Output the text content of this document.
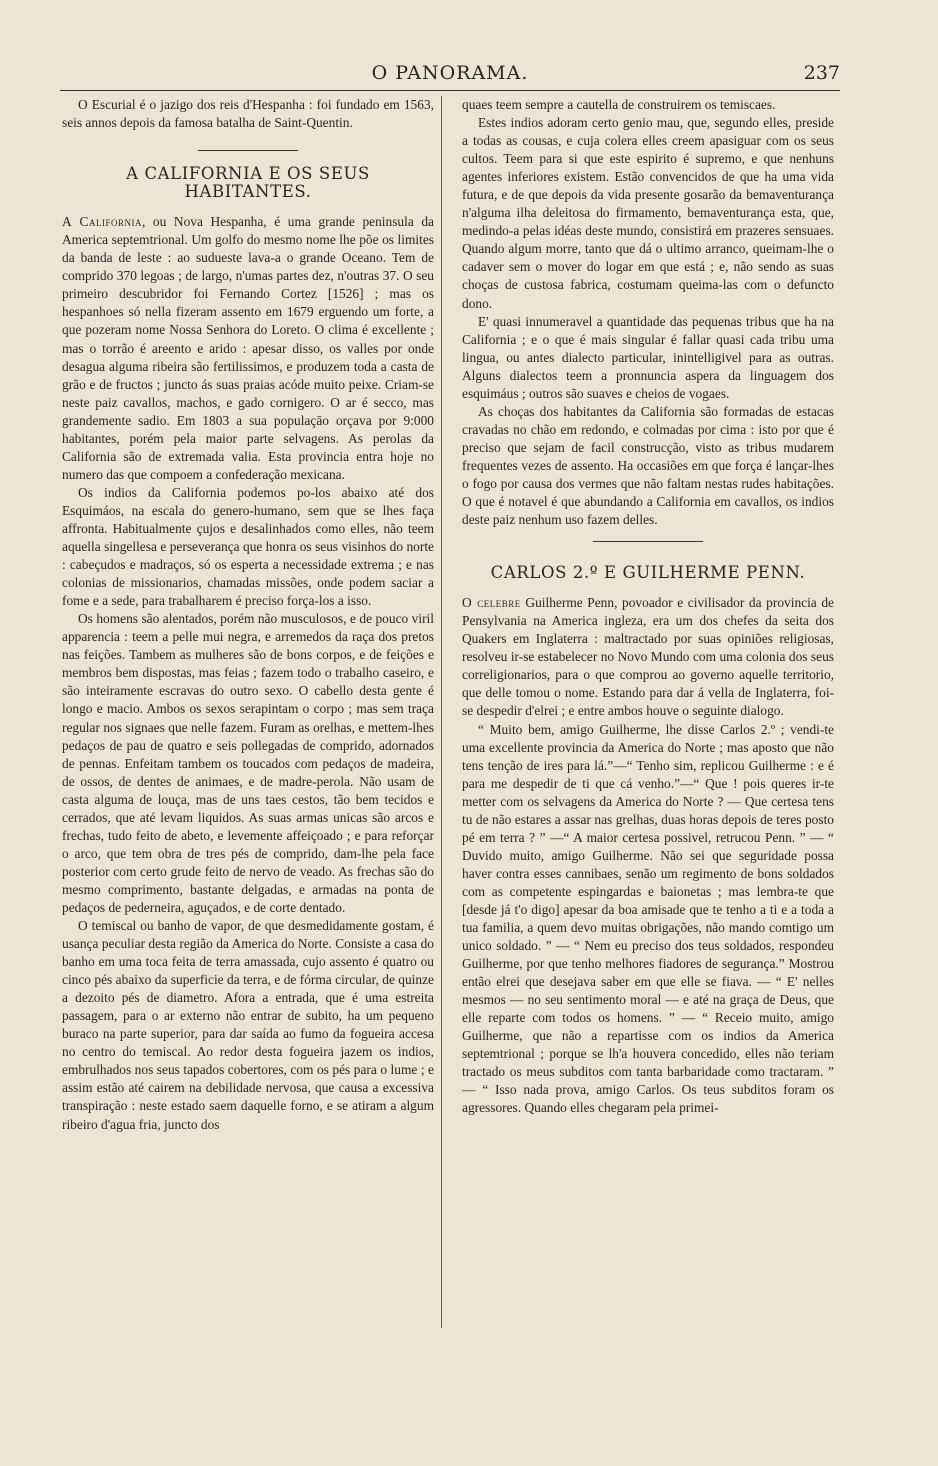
O PANORAMA.	237

O Escurial é o jazigo dos reis d'Hespanha : foi fundado em 1563, seis annos depois da famosa batalha de Saint-Quentin.

A CALIFORNIA E OS SEUS HABITANTES.

A California, ou Nova Hespanha, é uma grande peninsula da America septemtrional. Um golfo do mesmo nome lhe põe os limites da banda de leste : ao sudueste lava-a o grande Oceano. Tem de comprido 370 legoas ; de largo, n'umas partes dez, n'outras 37. O seu primeiro descubridor foi Fernando Cortez [1526] ; mas os hespanhoes só nella fizeram assento em 1679 erguendo um forte, a que pozeram nome Nossa Senhora do Loreto. O clima é excellente ; mas o torrão é areento e arido : apesar disso, os valles por onde desagua alguma ribeira são fertilissimos, e produzem toda a casta de grão e de fructos ; juncto ás suas praias acóde muito peixe. Criam-se neste paiz cavallos, machos, e gado cornigero. O ar é secco, mas grandemente sadio. Em 1803 a sua populaçāo orçava por 9:000 habitantes, porém pela maior parte selvagens. As perolas da California são de extremada valia. Esta provincia entra hoje no numero das que compoem a confederação mexicana.

Os indios da California podemos po-los abaixo até dos Esquimáos, na escala do genero-humano, sem que se lhes faça affronta. Habitualmente çujos e desalinhados como elles, não teem aquella singellesa e perseverança que honra os seus visinhos do norte : cabeçudos e madraços, só os esperta a necessidade extrema ; e nas colonias de missionarios, chamadas missões, onde podem saciar a fome e a sede, para trabalharem é preciso força-los a isso.

Os homens são alentados, porém não musculosos, e de pouco viril apparencia : teem a pelle mui negra, e arremedos da raça dos pretos nas feições. Tambem as mulheres são de bons corpos, e de feições e membros bem dispostas, mas feias ; fazem todo o trabalho caseiro, e são inteiramente escravas do outro sexo. O cabello desta gente é longo e macio. Ambos os sexos serapintam o corpo ; mas sem traça regular nos signaes que nelle fazem. Furam as orelhas, e mettem-lhes pedaços de pau de quatro e seis pollegadas de comprido, adornados de pennas. Enfeitam tambem os toucados com pedaços de madeira, de ossos, de dentes de animaes, e de madre-perola. Não usam de casta alguma de louça, mas de uns taes cestos, tão bem tecidos e cerrados, que até levam liquidos. As suas armas unicas são arcos e frechas, tudo feito de abeto, e levemente affeiçoado ; e para reforçar o arco, que tem obra de tres pés de comprido, dam-lhe pela face posterior com certo grude feito de nervo de veado. As frechas são do mesmo comprimento, bastante delgadas, e armadas na ponta de pedaços de pederneira, aguçados, e de corte dentado.

O temiscal ou banho de vapor, de que desmedidamente gostam, é usança peculiar desta região da America do Norte. Consiste a casa do banho em uma toca feita de terra amassada, cujo assento é quatro ou cinco pés abaixo da superficie da terra, e de fórma circular, de quinze a dezoito pés de diametro. Afora a entrada, que é uma estreita passagem, para o ar externo não entrar de subito, ha um pequeno buraco na parte superior, para dar saída ao fumo da fogueira accesa no centro do temiscal. Ao redor desta fogueira jazem os indios, embrulhados nos seus tapados cobertores, com os pés para o lume ; e assim estão até cairem na debilidade nervosa, que causa a excessiva transpiração : neste estado saem daquelle forno, e se atiram a algum ribeiro d'agua fria, juncto dos

quaes teem sempre a cautella de construirem os temiscaes.

Estes indios adoram certo genio mau, que, segundo elles, preside a todas as cousas, e cuja colera elles creem apasiguar com os seus cultos. Teem para si que este espirito é supremo, e que nenhuns agentes inferiores existem. Estão convencidos de que ha uma vida futura, e de que depois da vida presente gosarão da bemaventurança n'alguma ilha deleitosa do firmamento, bemaventurança esta, que, medindo-a pelas idéas deste mundo, consistirá em prazeres sensuaes. Quando algum morre, tanto que dá o ultimo arranco, queimam-lhe o cadaver sem o mover do logar em que está ; e, não sendo as suas choças de custosa fabrica, costumam queima-las com o defuncto dono.

E' quasi innumeravel a quantidade das pequenas tribus que ha na California ; e o que é mais singular é fallar quasi cada tribu uma lingua, ou antes dialecto particular, inintelligivel para as outras. Alguns dialectos teem a pronnuncia aspera da linguagem dos esquimáus ; outros são suaves e cheios de vogaes.

As choças dos habitantes da California são formadas de estacas cravadas no chão em redondo, e colmadas por cima : isto por que é preciso que sejam de facil construcção, visto as tribus mudarem frequentes vezes de assento. Ha occasiões em que força é lançar-lhes o fogo por causa dos vermes que não faltam nestas rudes habitações. O que é notavel é que abundando a California em cavallos, os indios deste paiz nenhum uso fazem delles.

CARLOS 2.º E GUILHERME PENN.

O celebre Guilherme Penn, povoador e civilisador da provincia de Pensylvania na America ingleza, era um dos chefes da seita dos Quakers em Inglaterra : maltractado por suas opiniões religiosas, resolveu ir-se estabelecer no Novo Mundo com uma colonia dos seus correligionarios, para o que comprou ao governo aquelle territorio, que delle tomou o nome. Estando para dar á vella de Inglaterra, foi-se despedir d'elrei ; e entre ambos houve o seguinte dialogo.

“ Muito bem, amigo Guilherme, lhe disse Carlos 2.º ; vendi-te uma excellente provincia da America do Norte ; mas aposto que não tens tenção de ires para lá.”—“ Tenho sim, replicou Guilherme : e é para me despedir de ti que cá venho.”—“ Que ! pois queres ir-te metter com os selvagens da America do Norte ? — Que certesa tens tu de não estares a assar nas grelhas, duas horas depois de teres posto pé em terra ? ” —“ A maior certesa possivel, retrucou Penn. ” — “ Duvido muito, amigo Guilherme. Não sei que seguridade possa haver contra esses cannibaes, senão um regimento de bons soldados com as competente espingardas e baionetas ; mas lembra-te que [desde já t'o digo] apesar da boa amisade que te tenho a ti e a toda a tua familia, a quem devo muitas obrigações, não mando comtigo um unico soldado. ” — “ Nem eu preciso dos teus soldados, respondeu Guilherme, por que tenho melhores fiadores de segurança.” Mostrou então elrei que desejava saber em que elle se fiava. — “ E' nelles mesmos — no seu sentimento moral — e até na graça de Deus, que elle reparte com todos os homens. ” — “ Receio muito, amigo Guilherme, que não a repartisse com os indios da America septemtrional ; porque se lh'a houvera concedido, elles não teriam tractado os meus subditos com tanta barbaridade como tractaram. ” — “ Isso nada prova, amigo Carlos. Os teus subditos foram os agressores. Quando elles chegaram pela primei-
